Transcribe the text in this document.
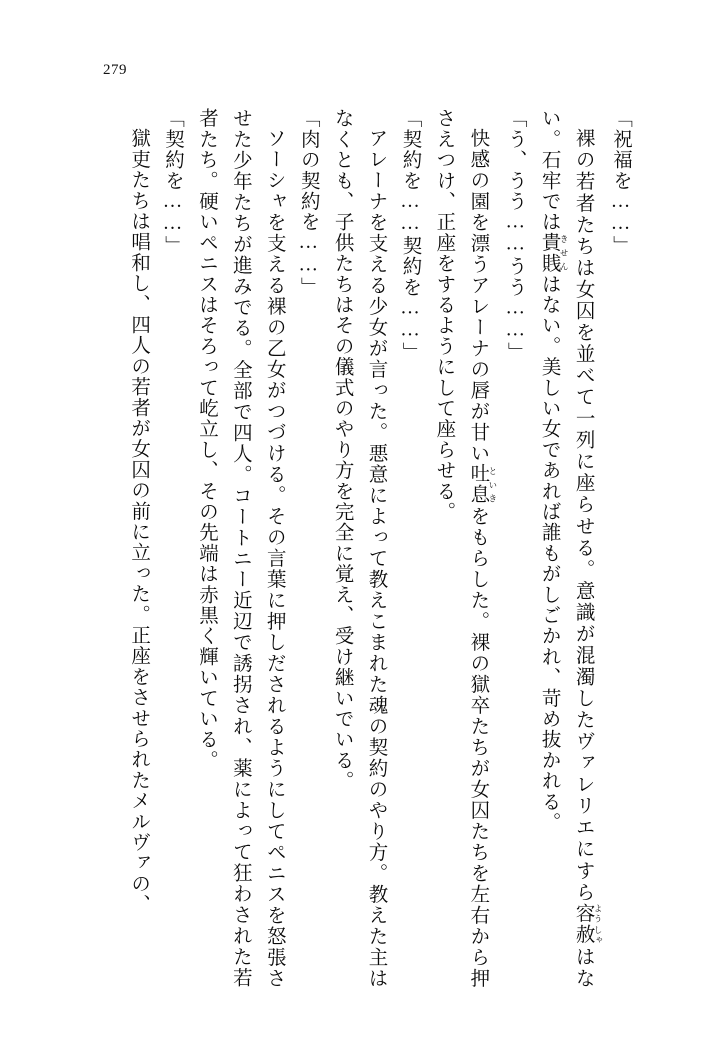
279

「祝福を……」

裸の若者たちは女囚を並べて一列に座らせる。意識が混濁したヴァレリエにすら容 よう赦 しゃはない。石牢では貴賎 きせんはない。美しい女であれば誰もがしごかれ、苛め抜かれる。

「う、うう……うう……」

快感の園を漂うアレーナの唇が甘い吐息 といきをもらした。裸の獄卒たちが女囚たちを左右から押さえつけ、正座をするようにして座らせる。

「契約を……契約を……」

アレーナを支える少女が言った。悪意によって教えこまれた魂の契約のやり方。教えた主はなくとも、子供たちはその儀式のやり方を完全に覚え、受け継いでいる。

「肉の契約を……」

ソーシャを支える裸の乙女がつづける。その言葉に押しだされるようにしてペニスを怒張させた少年たちが進みでる。全部で四人。コートニー近辺で誘拐され、薬によって狂わされた若者たち。硬いペニスはそろって屹立し、その先端は赤黒く輝いている。

「契約を……」

獄吏たちは唱和し、四人の若者が女囚の前に立った。正座をさせられたメルヴァの、
